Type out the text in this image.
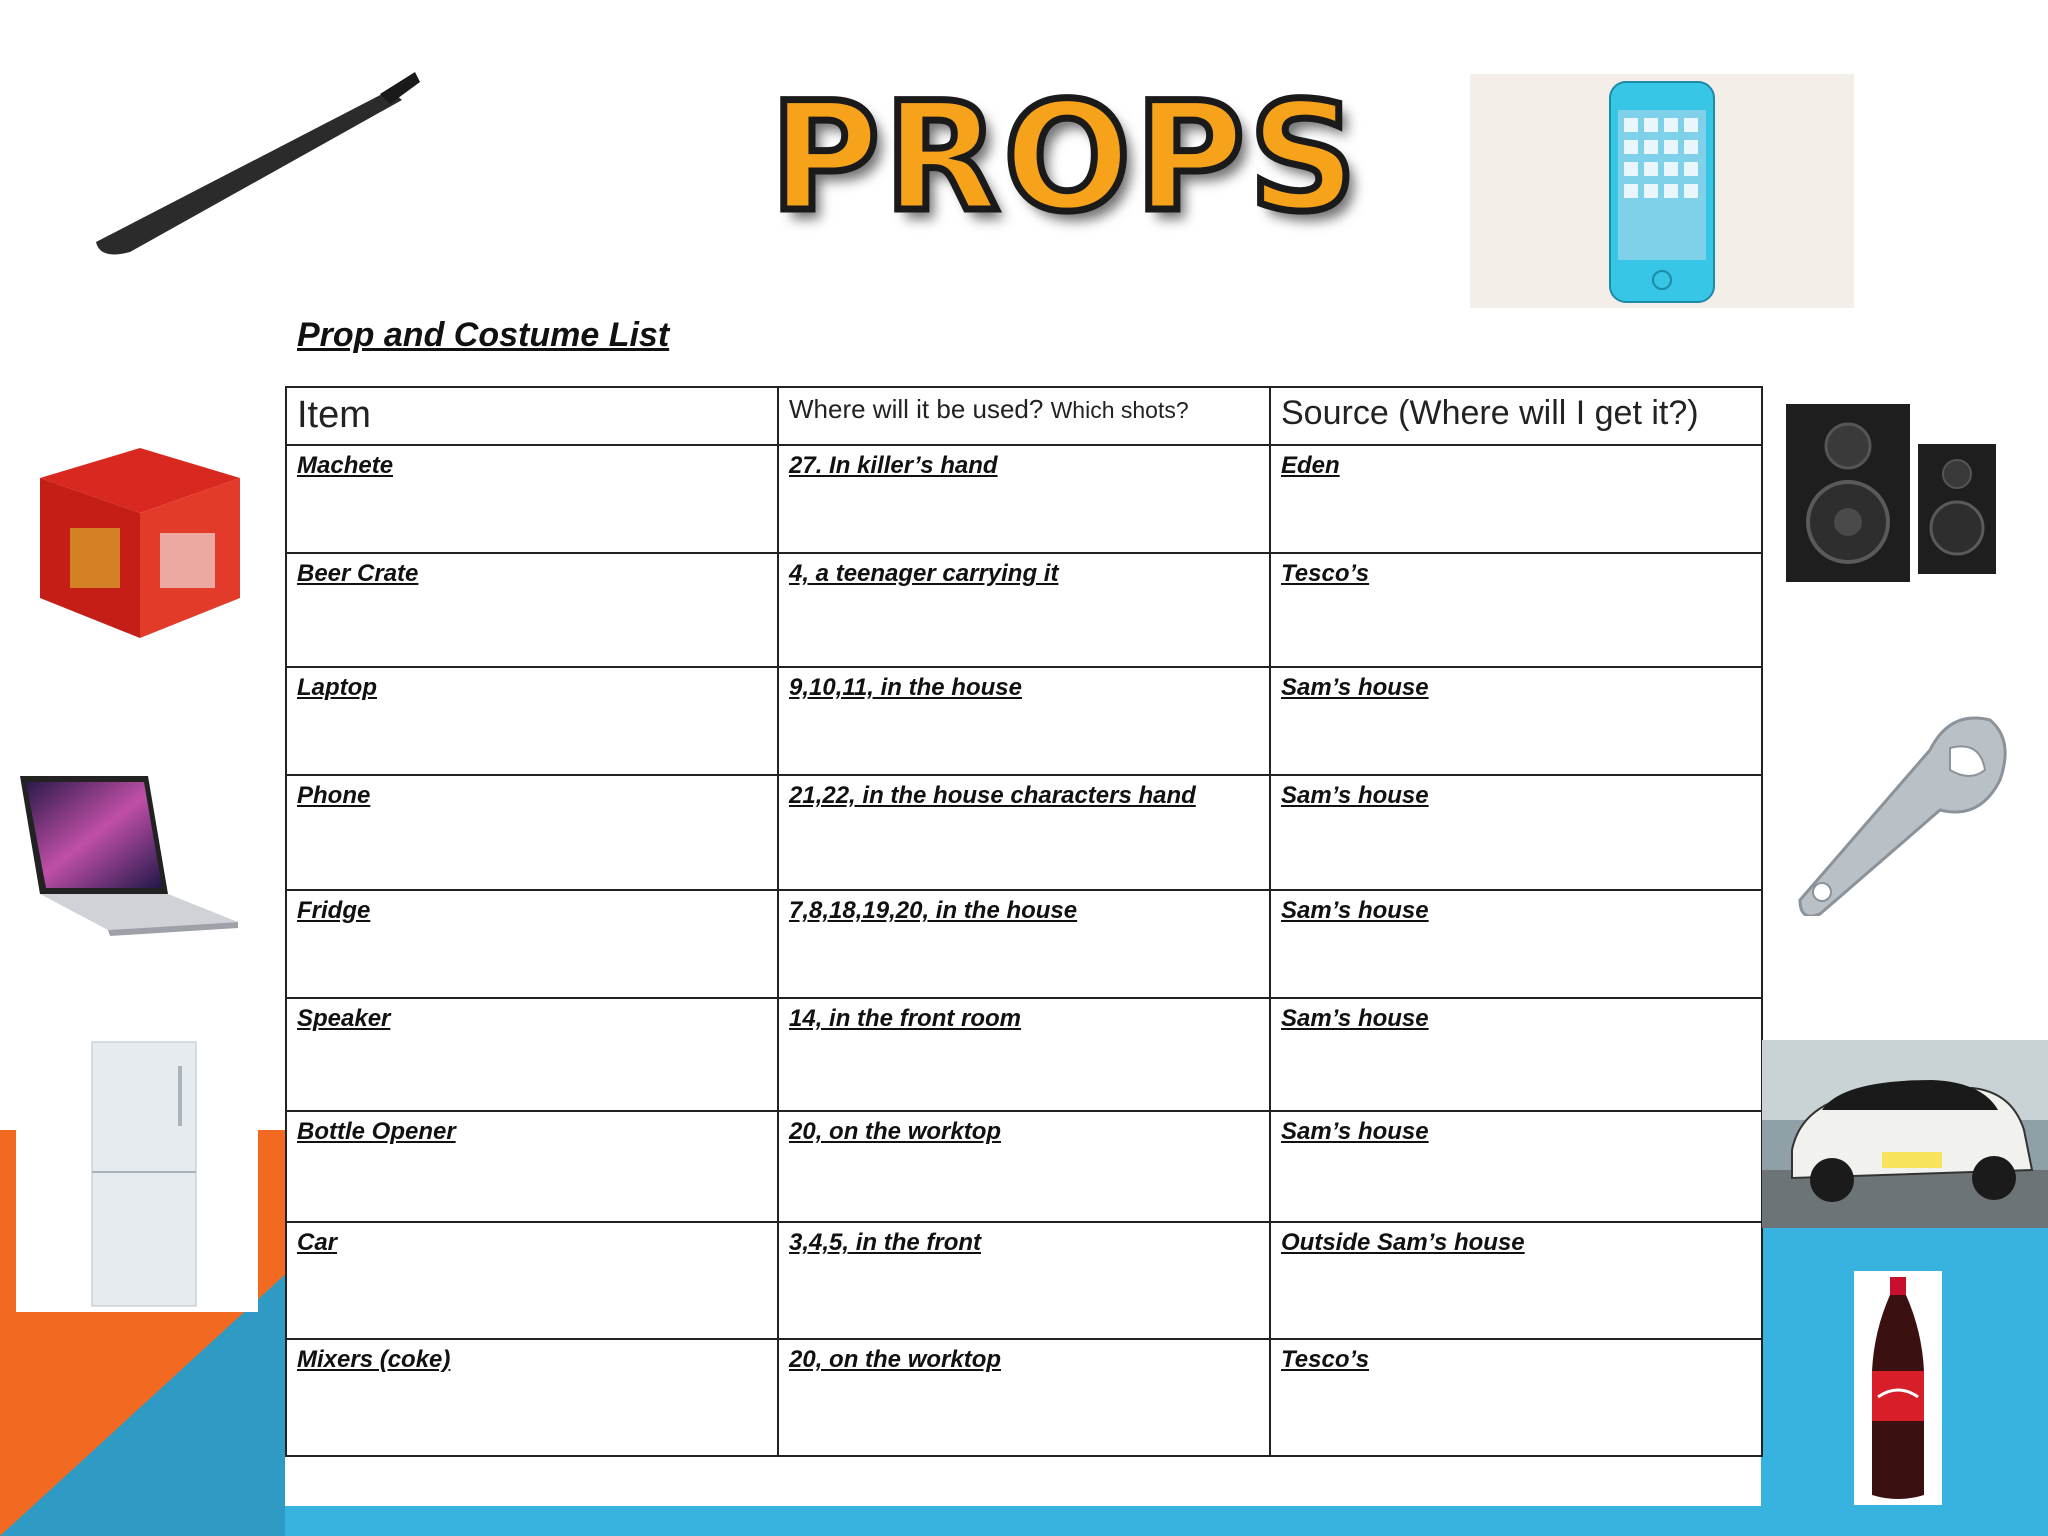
PROPS
Prop and Costume List
Item	Where will it be used? Which shots?	Source (Where will I get it?)
Machete	27. In killer’s hand	Eden
Beer Crate	4, a teenager carrying it	Tesco’s
Laptop	9,10,11, in the house	Sam’s house
Phone	21,22, in the house characters hand	Sam’s house
Fridge	7,8,18,19,20, in the house	Sam’s house
Speaker	14, in the front room	Sam’s house
Bottle Opener	20, on the worktop	Sam’s house
Car	3,4,5, in the front	Outside Sam’s house
Mixers (coke)	20, on the worktop	Tesco’s
